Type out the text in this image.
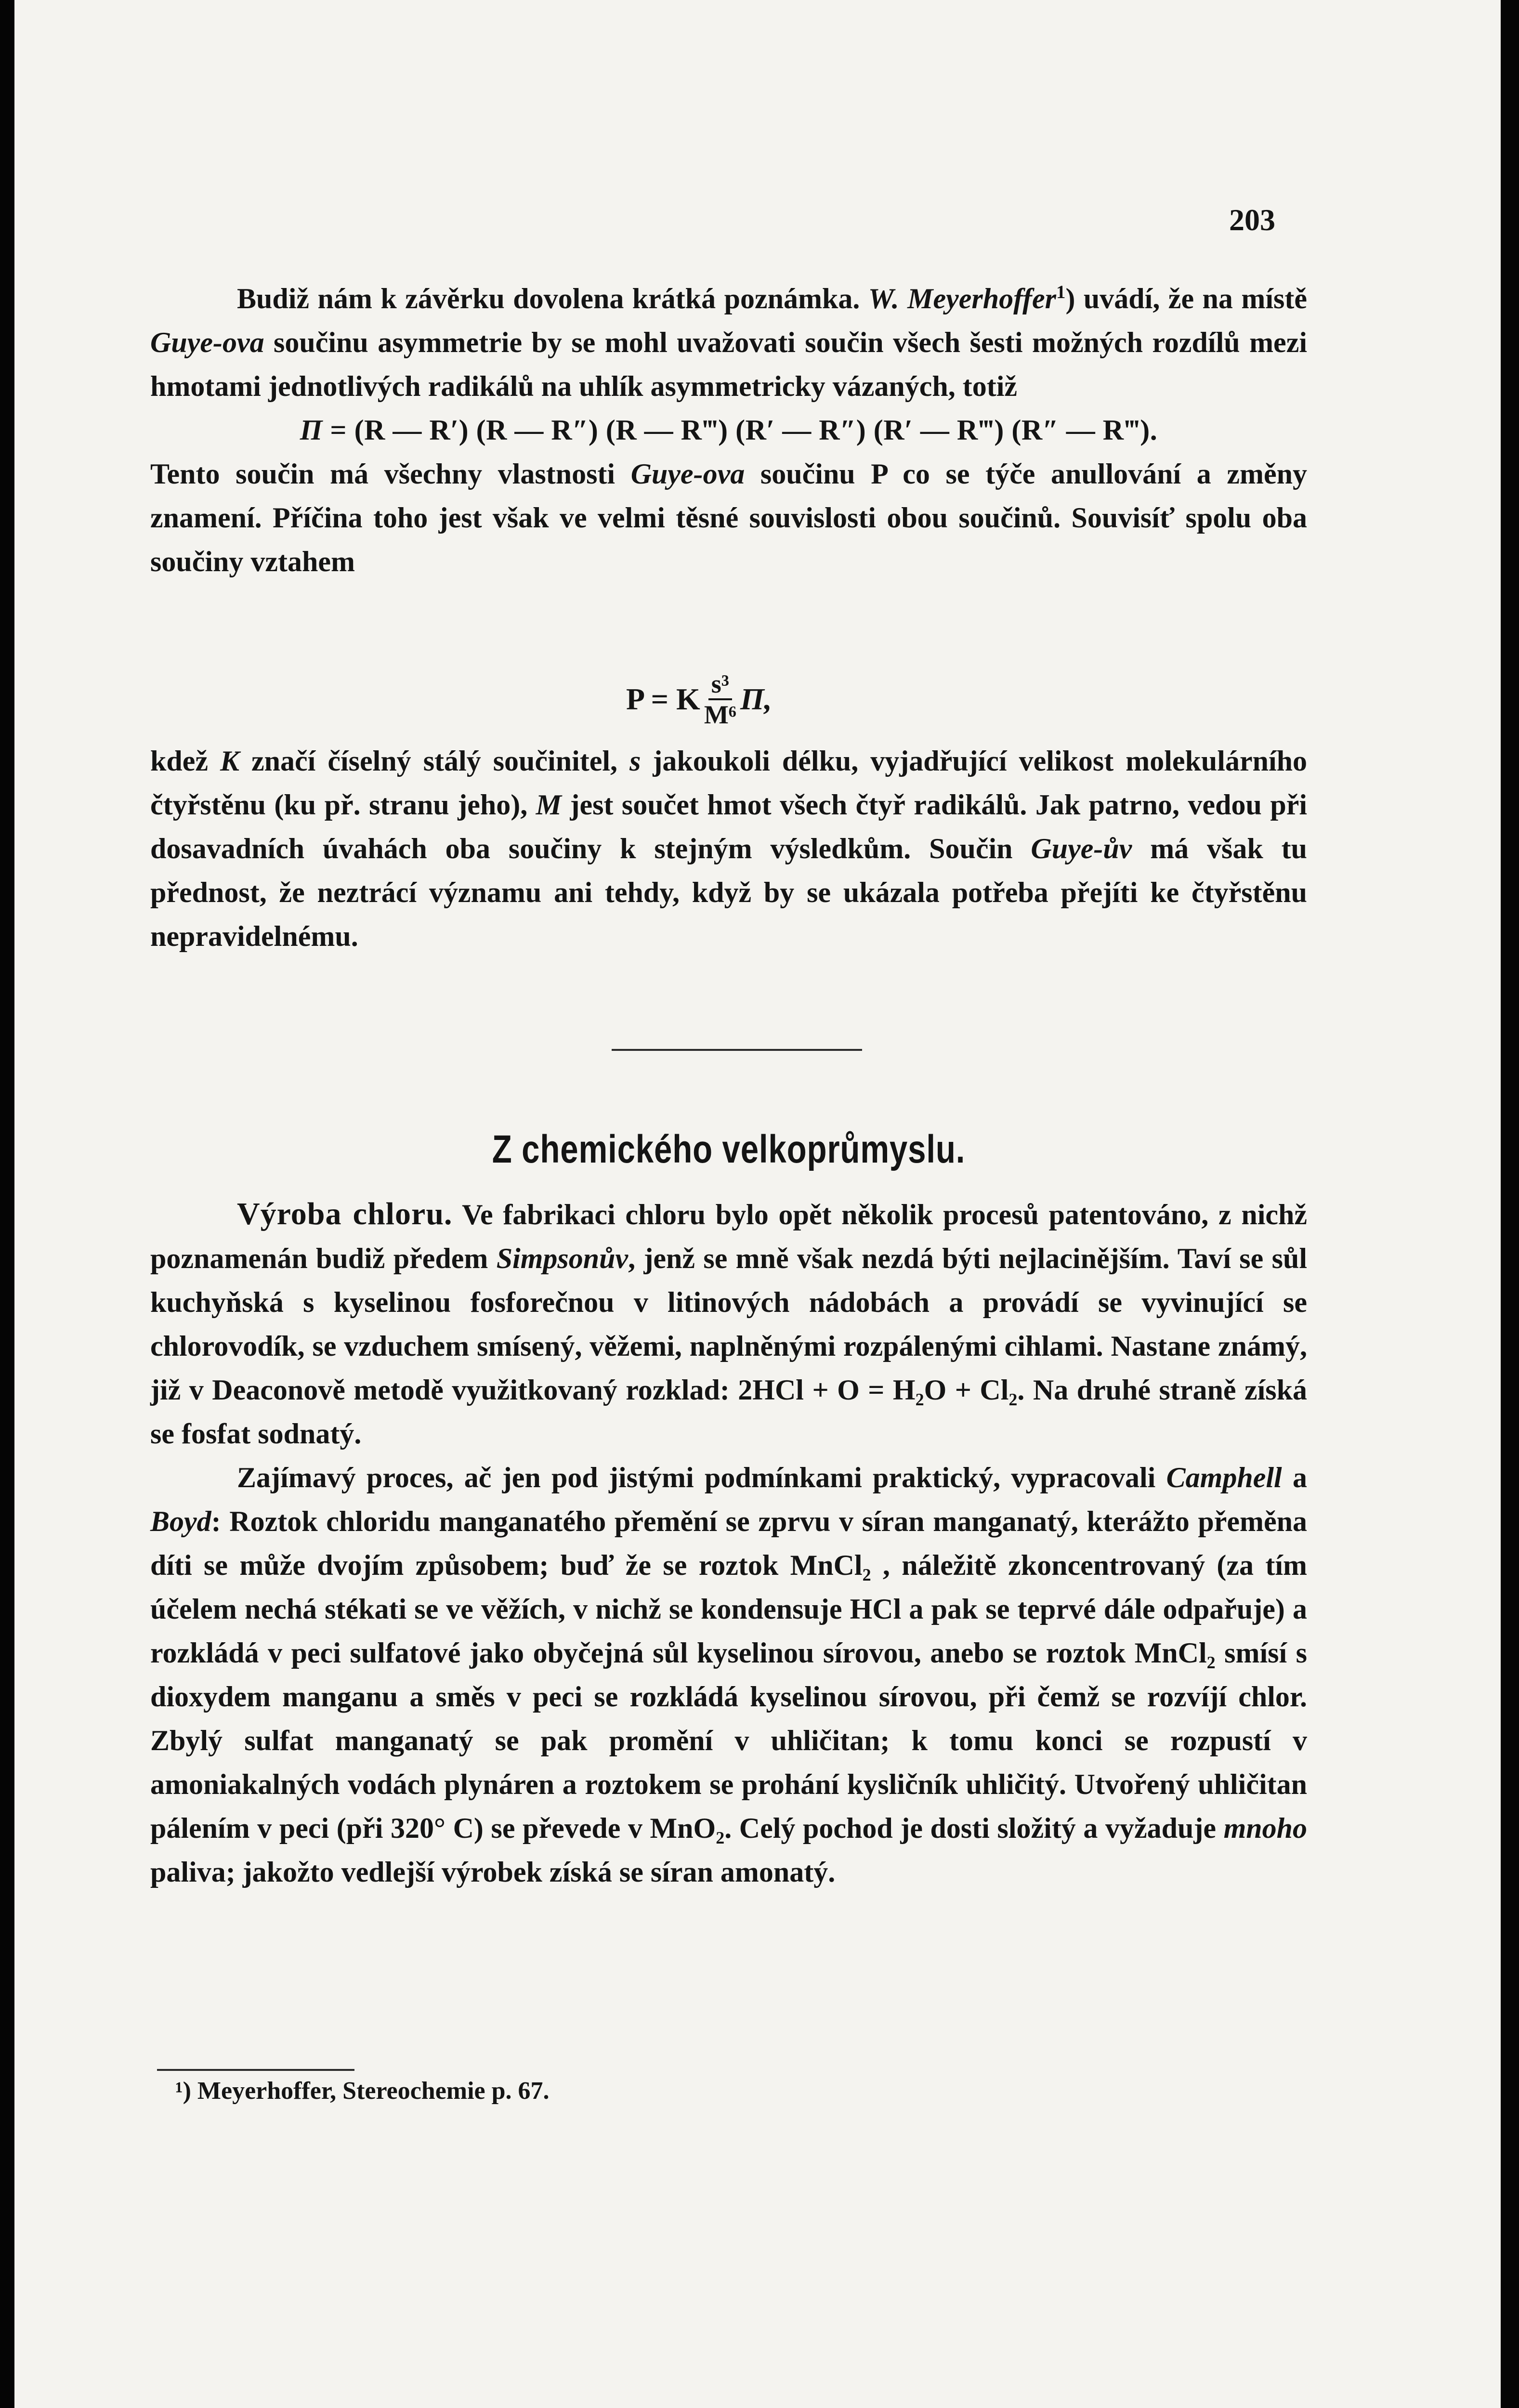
203

Budiž nám k závěrku dovolena krátká poznámka. W. Meyerhoffer$^1$) uvádí, že na místě Guye-ova součinu asymmetrie by se mohl uvažovati součin všech šesti možných rozdílů mezi hmotami jednotlivých radikálů na uhlík asymmetricky vázaných, totiž

Π = (R — R′) (R — R″) (R — R‴) (R′ — R″) (R′ — R‴) (R″ — R‴).

Tento součin má všechny vlastnosti Guye-ova součinu P co se týče anullování a změny znamení. Příčina toho jest však ve velmi těsné souvislosti obou součinů. Souvisíť spolu oba součiny vztahem

P = K $\frac{\text{s³}}{\text{M⁶}} \Pi$,

kdež K značí číselný stálý součinitel, s jakoukoli délku, vyjadřující velikost molekulárního čtyřstěnu (ku př. stranu jeho), M jest součet hmot všech čtyř radikálů. Jak patrno, vedou při dosavadních úvahách oba součiny k stejným výsledkům. Součin Guye-ův má však tu přednost, že neztrácí významu ani tehdy, když by se ukázala potřeba přejíti ke čtyřstěnu nepravidelnému.

Z chemického velkoprůmyslu.

Výroba chloru. Ve fabrikaci chloru bylo opět několik procesů patentováno, z nichž poznamenán budiž předem Simpsonův, jenž se mně však nezdá býti nejlacinějším. Taví se sůl kuchyňská s kyselinou fosforečnou v litinových nádobách a provádí se vyvinující se chlorovodík, se vzduchem smísený, věžemi, naplněnými rozpálenými cihlami. Nastane známý, již v Deaconově metodě využitkovaný rozklad: 2HCl + O = H₂O + Cl₂. Na druhé straně získá se fosfat sodnatý.

Zajímavý proces, ač jen pod jistými podmínkami praktický, vypracovali Camphell a Boyd: Roztok chloridu manganatého přemění se zprvu v síran manganatý, kterážto přeměna díti se může dvojím způsobem; buď že se roztok MnCl₂ , náležitě zkoncentrovaný (za tím účelem nechá stékati se ve věžích, v nichž se kondensuje HCl a pak se teprvé dále odpařuje) a rozkládá v peci sulfatové jako obyčejná sůl kyselinou sírovou, anebo se roztok MnCl₂ smísí s dioxydem manganu a směs v peci se rozkládá kyselinou sírovou, při čemž se rozvíjí chlor. Zbylý sulfat manganatý se pak promění v uhličitan; k tomu konci se rozpustí v amoniakalných vodách plynáren a roztokem se prohání kysličník uhličitý. Utvořený uhličitan pálením v peci (při 320° C) se převede v MnO₂. Celý pochod je dosti složitý a vyžaduje mnoho paliva; jakožto vedlejší výrobek získá se síran amonatý.

¹) Meyerhoffer, Stereochemie p. 67.
